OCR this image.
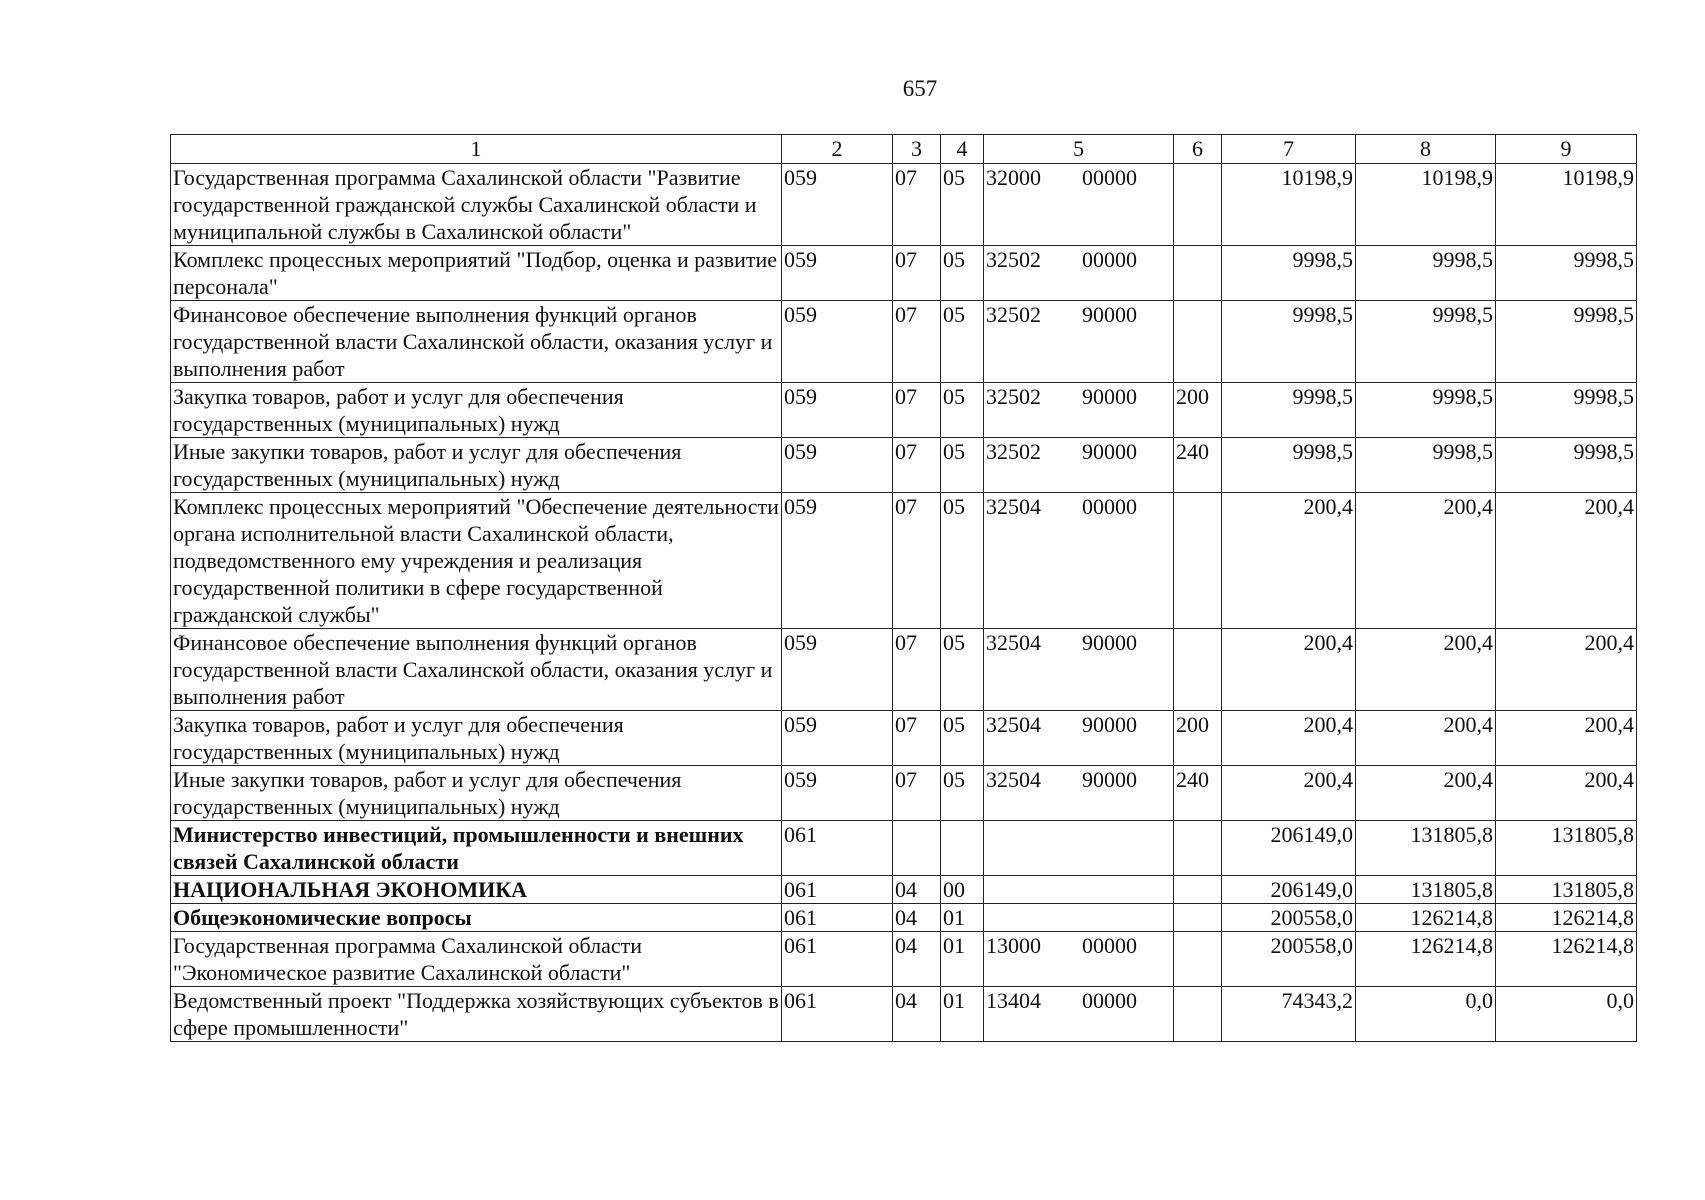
657
1	2	3	4	5	6	7	8	9
Государственная программа Сахалинской области "Развитие государственной гражданской службы Сахалинской области и муниципальной службы в Сахалинской области"	059	07	05	32000 00000		10198,9	10198,9	10198,9
Комплекс процессных мероприятий "Подбор, оценка и развитие персонала"	059	07	05	32502 00000		9998,5	9998,5	9998,5
Финансовое обеспечение выполнения функций органов государственной власти Сахалинской области, оказания услуг и выполнения работ	059	07	05	32502 90000		9998,5	9998,5	9998,5
Закупка товаров, работ и услуг для обеспечения государственных (муниципальных) нужд	059	07	05	32502 90000	200	9998,5	9998,5	9998,5
Иные закупки товаров, работ и услуг для обеспечения государственных (муниципальных) нужд	059	07	05	32502 90000	240	9998,5	9998,5	9998,5
Комплекс процессных мероприятий "Обеспечение деятельности органа исполнительной власти Сахалинской области, подведомственного ему учреждения и реализация государственной политики в сфере государственной гражданской службы"	059	07	05	32504 00000		200,4	200,4	200,4
Финансовое обеспечение выполнения функций органов государственной власти Сахалинской области, оказания услуг и выполнения работ	059	07	05	32504 90000		200,4	200,4	200,4
Закупка товаров, работ и услуг для обеспечения государственных (муниципальных) нужд	059	07	05	32504 90000	200	200,4	200,4	200,4
Иные закупки товаров, работ и услуг для обеспечения государственных (муниципальных) нужд	059	07	05	32504 90000	240	200,4	200,4	200,4
Министерство инвестиций, промышленности и внешних связей Сахалинской области	061					206149,0	131805,8	131805,8
НАЦИОНАЛЬНАЯ ЭКОНОМИКА	061	04	00			206149,0	131805,8	131805,8
Общеэкономические вопросы	061	04	01			200558,0	126214,8	126214,8
Государственная программа Сахалинской области "Экономическое развитие Сахалинской области"	061	04	01	13000 00000		200558,0	126214,8	126214,8
Ведомственный проект "Поддержка хозяйствующих субъектов в сфере промышленности"	061	04	01	13404 00000		74343,2	0,0	0,0
